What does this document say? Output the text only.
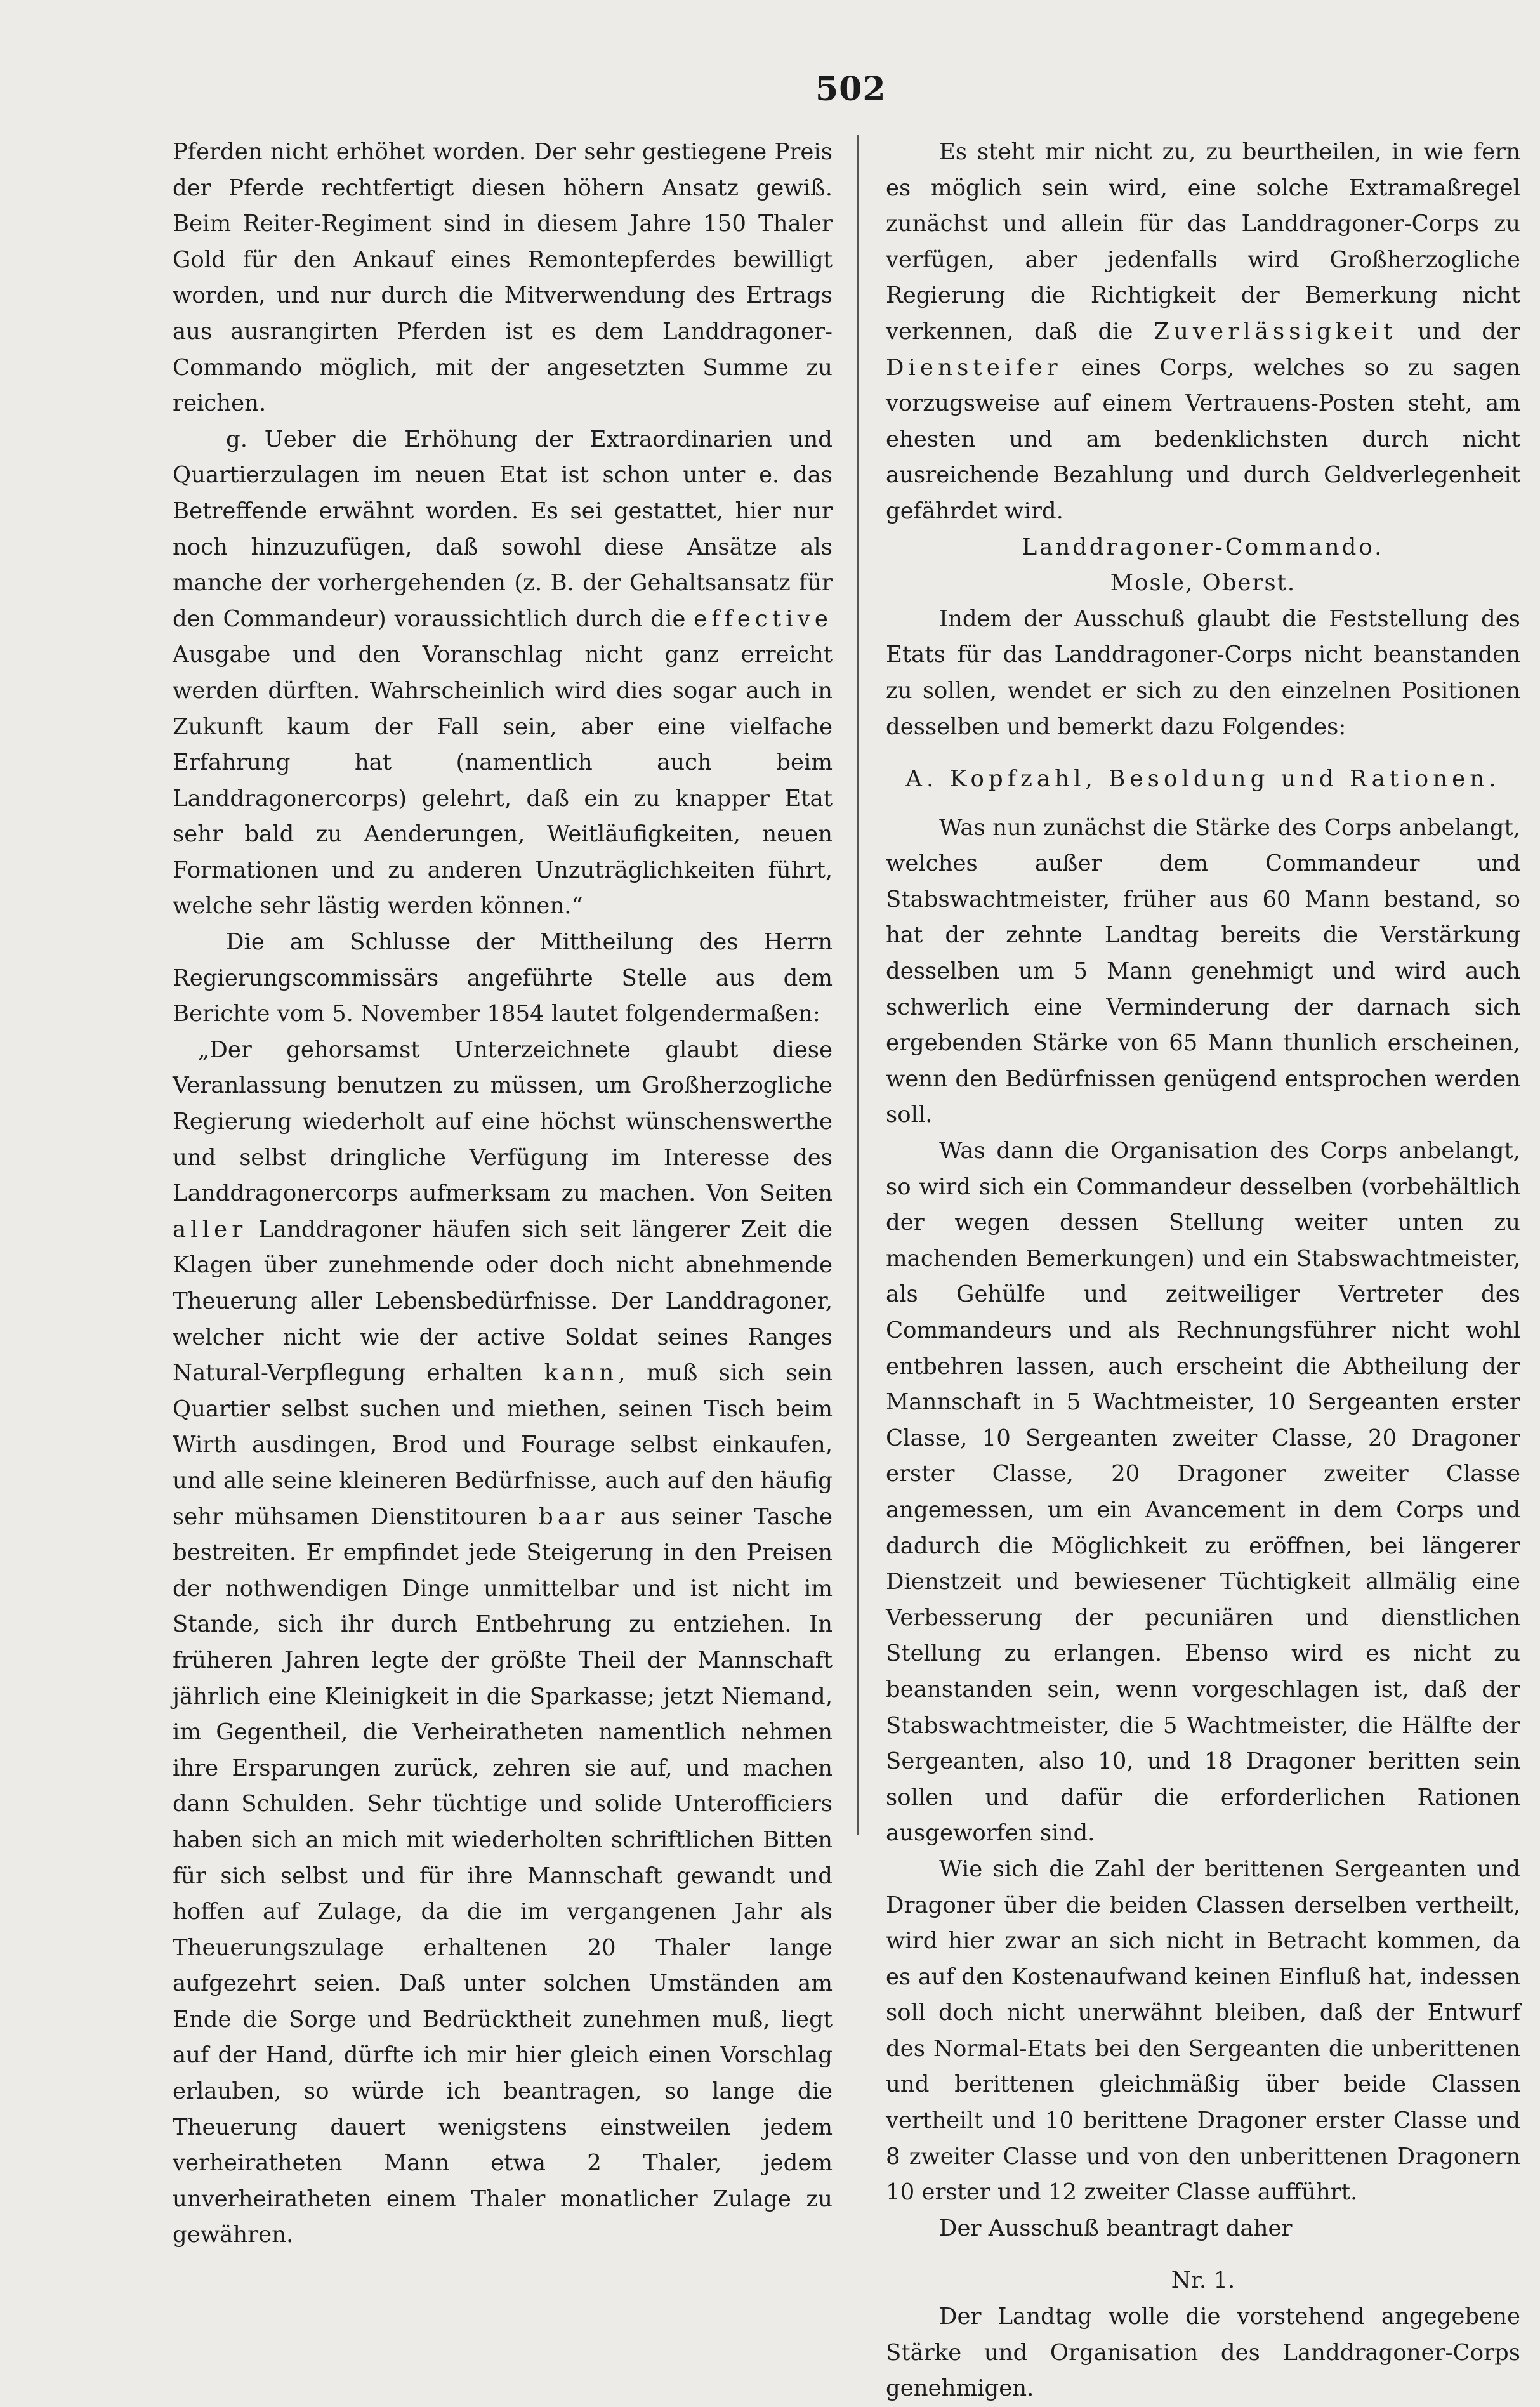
502

Pferden nicht erhöhet worden. Der sehr gestiegene Preis der Pferde rechtfertigt diesen höhern Ansatz gewiß. Beim Reiter-Regiment sind in diesem Jahre 150 Thaler Gold für den Ankauf eines Remontepferdes bewilligt worden, und nur durch die Mitverwendung des Ertrags aus ausrangirten Pferden ist es dem Landdragoner-Commando möglich, mit der angesetzten Summe zu reichen.

g. Ueber die Erhöhung der Extraordinarien und Quartierzulagen im neuen Etat ist schon unter e. das Betreffende erwähnt worden. Es sei gestattet, hier nur noch hinzuzufügen, daß sowohl diese Ansätze als manche der vorhergehenden (z. B. der Gehaltsansatz für den Commandeur) voraussichtlich durch die effective Ausgabe und den Voranschlag nicht ganz erreicht werden dürften. Wahrscheinlich wird dies sogar auch in Zukunft kaum der Fall sein, aber eine vielfache Erfahrung hat (namentlich auch beim Landdragonercorps) gelehrt, daß ein zu knapper Etat sehr bald zu Aenderungen, Weitläufigkeiten, neuen Formationen und zu anderen Unzuträglichkeiten führt, welche sehr lästig werden können.“

Die am Schlusse der Mittheilung des Herrn Regierungscommissärs angeführte Stelle aus dem Berichte vom 5. November 1854 lautet folgendermaßen:

„Der gehorsamst Unterzeichnete glaubt diese Veranlassung benutzen zu müssen, um Großherzogliche Regierung wiederholt auf eine höchst wünschenswerthe und selbst dringliche Verfügung im Interesse des Landdragonercorps aufmerksam zu machen. Von Seiten aller Landdragoner häufen sich seit längerer Zeit die Klagen über zunehmende oder doch nicht abnehmende Theuerung aller Lebensbedürfnisse. Der Landdragoner, welcher nicht wie der active Soldat seines Ranges Natural-Verpflegung erhalten kann, muß sich sein Quartier selbst suchen und miethen, seinen Tisch beim Wirth ausdingen, Brod und Fourage selbst einkaufen, und alle seine kleineren Bedürfnisse, auch auf den häufig sehr mühsamen Dienstitouren baar aus seiner Tasche bestreiten. Er empfindet jede Steigerung in den Preisen der nothwendigen Dinge unmittelbar und ist nicht im Stande, sich ihr durch Entbehrung zu entziehen. In früheren Jahren legte der größte Theil der Mannschaft jährlich eine Kleinigkeit in die Sparkasse; jetzt Niemand, im Gegentheil, die Verheiratheten namentlich nehmen ihre Ersparungen zurück, zehren sie auf, und machen dann Schulden. Sehr tüchtige und solide Unterofficiers haben sich an mich mit wiederholten schriftlichen Bitten für sich selbst und für ihre Mannschaft gewandt und hoffen auf Zulage, da die im vergangenen Jahr als Theuerungszulage erhaltenen 20 Thaler lange aufgezehrt seien. Daß unter solchen Umständen am Ende die Sorge und Bedrücktheit zunehmen muß, liegt auf der Hand, dürfte ich mir hier gleich einen Vorschlag erlauben, so würde ich beantragen, so lange die Theuerung dauert wenigstens einstweilen jedem verheiratheten Mann etwa 2 Thaler, jedem unverheiratheten einem Thaler monatlicher Zulage zu gewähren.

Es steht mir nicht zu, zu beurtheilen, in wie fern es möglich sein wird, eine solche Extramaßregel zunächst und allein für das Landdragoner-Corps zu verfügen, aber jedenfalls wird Großherzogliche Regierung die Richtigkeit der Bemerkung nicht verkennen, daß die Zuverlässigkeit und der Diensteifer eines Corps, welches so zu sagen vorzugsweise auf einem Vertrauens-Posten steht, am ehesten und am bedenklichsten durch nicht ausreichende Bezahlung und durch Geldverlegenheit gefährdet wird.

Landdragoner-Commando.

Mosle, Oberst.

Indem der Ausschuß glaubt die Feststellung des Etats für das Landdragoner-Corps nicht beanstanden zu sollen, wendet er sich zu den einzelnen Positionen desselben und bemerkt dazu Folgendes:

A. Kopfzahl, Besoldung und Rationen.

Was nun zunächst die Stärke des Corps anbelangt, welches außer dem Commandeur und Stabswachtmeister, früher aus 60 Mann bestand, so hat der zehnte Landtag bereits die Verstärkung desselben um 5 Mann genehmigt und wird auch schwerlich eine Verminderung der darnach sich ergebenden Stärke von 65 Mann thunlich erscheinen, wenn den Bedürfnissen genügend entsprochen werden soll.

Was dann die Organisation des Corps anbelangt, so wird sich ein Commandeur desselben (vorbehältlich der wegen dessen Stellung weiter unten zu machenden Bemerkungen) und ein Stabswachtmeister, als Gehülfe und zeitweiliger Vertreter des Commandeurs und als Rechnungsführer nicht wohl entbehren lassen, auch erscheint die Abtheilung der Mannschaft in 5 Wachtmeister, 10 Sergeanten erster Classe, 10 Sergeanten zweiter Classe, 20 Dragoner erster Classe, 20 Dragoner zweiter Classe angemessen, um ein Avancement in dem Corps und dadurch die Möglichkeit zu eröffnen, bei längerer Dienstzeit und bewiesener Tüchtigkeit allmälig eine Verbesserung der pecuniären und dienstlichen Stellung zu erlangen. Ebenso wird es nicht zu beanstanden sein, wenn vorgeschlagen ist, daß der Stabswachtmeister, die 5 Wachtmeister, die Hälfte der Sergeanten, also 10, und 18 Dragoner beritten sein sollen und dafür die erforderlichen Rationen ausgeworfen sind.

Wie sich die Zahl der berittenen Sergeanten und Dragoner über die beiden Classen derselben vertheilt, wird hier zwar an sich nicht in Betracht kommen, da es auf den Kostenaufwand keinen Einfluß hat, indessen soll doch nicht unerwähnt bleiben, daß der Entwurf des Normal-Etats bei den Sergeanten die unberittenen und berittenen gleichmäßig über beide Classen vertheilt und 10 berittene Dragoner erster Classe und 8 zweiter Classe und von den unberittenen Dragonern 10 erster und 12 zweiter Classe aufführt.

Der Ausschuß beantragt daher

Nr. 1.

Der Landtag wolle die vorstehend angegebene Stärke und Organisation des Landdragoner-Corps genehmigen.
